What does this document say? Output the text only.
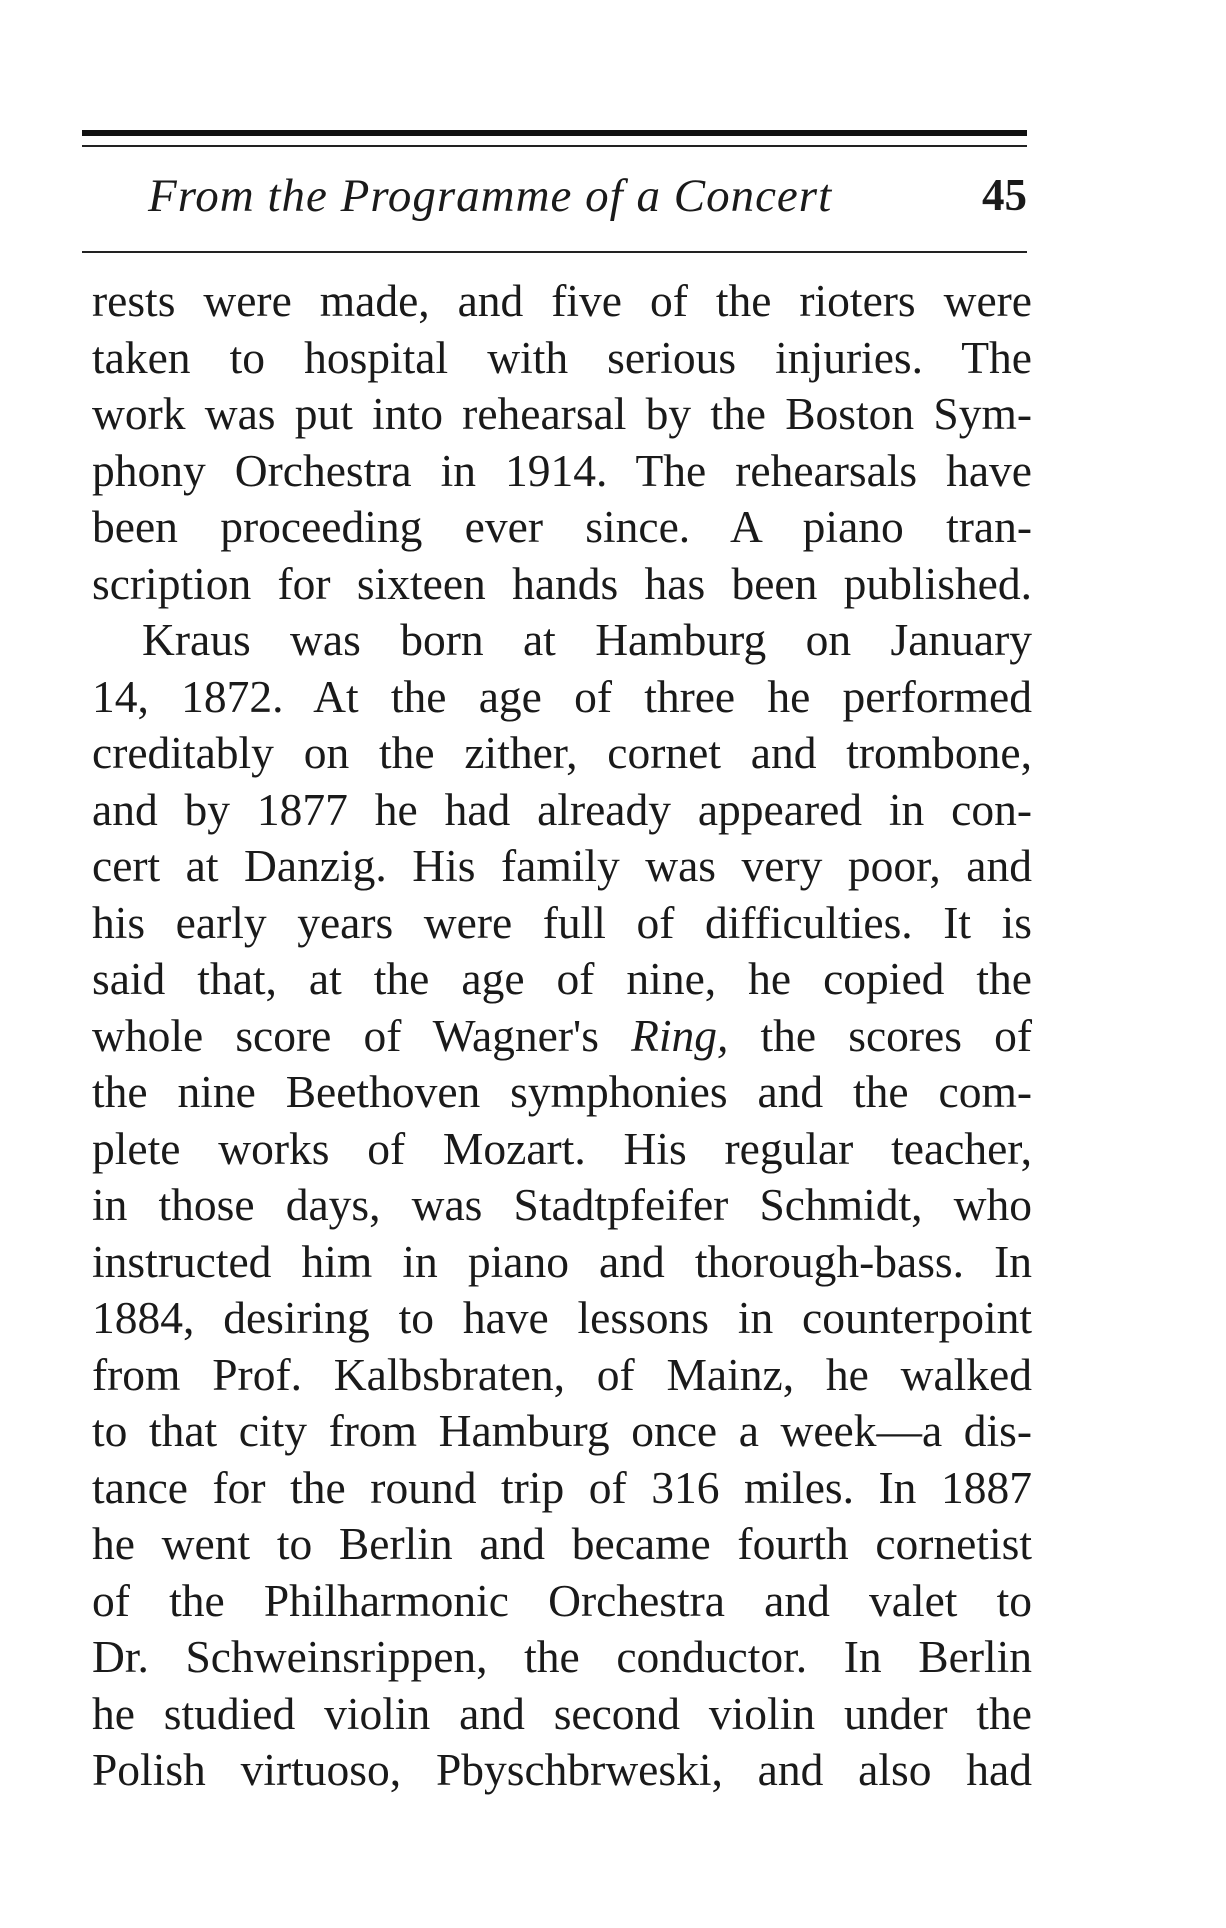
From the Programme of a Concert	45
rests were made, and five of the rioters were
taken to hospital with serious injuries. The
work was put into rehearsal by the Boston Sym-
phony Orchestra in 1914. The rehearsals have
been proceeding ever since. A piano tran-
scription for sixteen hands has been published.
Kraus was born at Hamburg on January
14, 1872. At the age of three he performed
creditably on the zither, cornet and trombone,
and by 1877 he had already appeared in con-
cert at Danzig. His family was very poor, and
his early years were full of difficulties. It is
said that, at the age of nine, he copied the
whole score of Wagner's Ring, the scores of
the nine Beethoven symphonies and the com-
plete works of Mozart. His regular teacher,
in those days, was Stadtpfeifer Schmidt, who
instructed him in piano and thorough-bass. In
1884, desiring to have lessons in counterpoint
from Prof. Kalbsbraten, of Mainz, he walked
to that city from Hamburg once a week—a dis-
tance for the round trip of 316 miles. In 1887
he went to Berlin and became fourth cornetist
of the Philharmonic Orchestra and valet to
Dr. Schweinsrippen, the conductor. In Berlin
he studied violin and second violin under the
Polish virtuoso, Pbyschbrweski, and also had
